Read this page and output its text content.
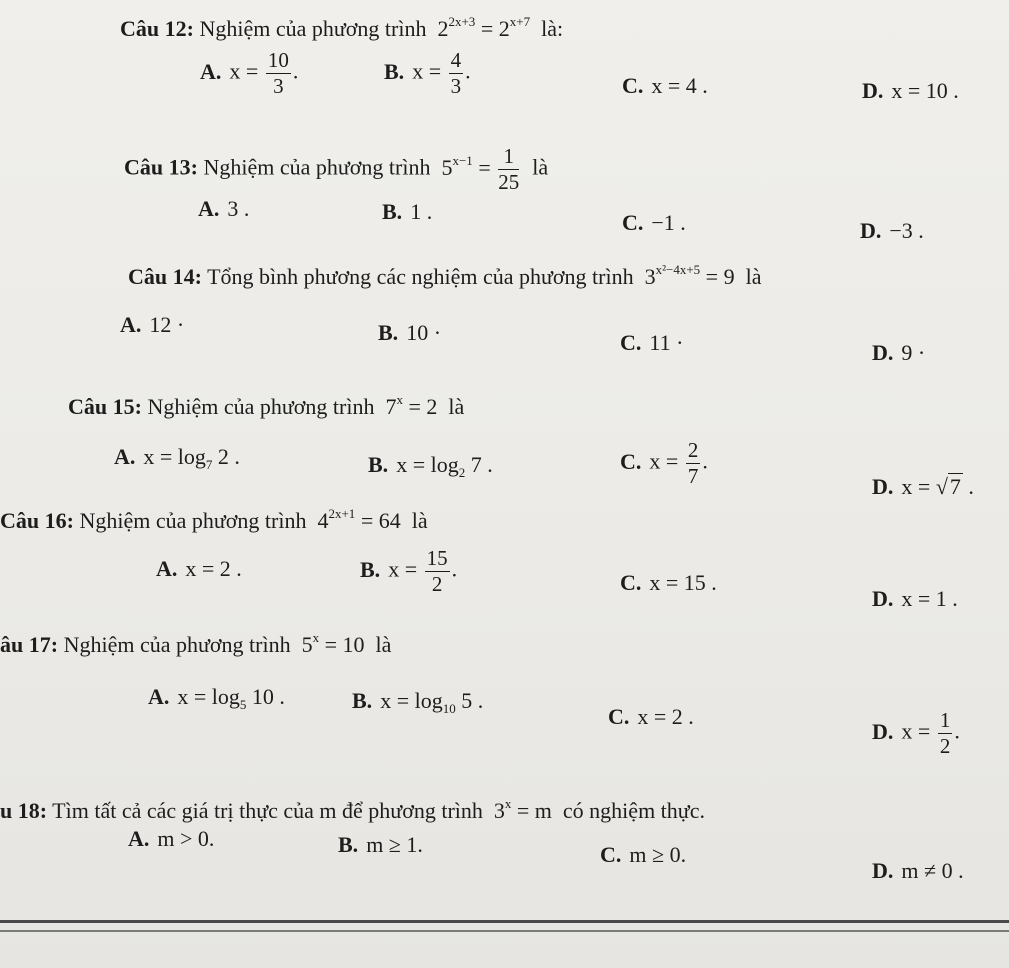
Câu 12: Nghiệm của phương trình $2^{2x+3} = 2^{x+7}$ là:
A. $x = \frac{10}{3}$ .	B. $x = \frac{4}{3}$ .
C. x = 4 .	D. x = 10 .
Câu 13: Nghiệm của phương trình $5^{x-1} = \frac{1}{25}$ là
A. 3 .	B. 1 .	C. −1 .	D. −3 .
Câu 14: Tổng bình phương các nghiệm của phương trình $3^{x^2-4x+5} = 9$ là
A. 12 ·	B. 10 ·	C. 11 ·	D. 9 ·
Câu 15: Nghiệm của phương trình $7^x = 2$ là
A. $x = \log_7 2$ .	B. $x = \log_2 7$ .	C. $x = \frac{2}{7}$ .
D. x = √7 .
Câu 16: Nghiệm của phương trình $4^{2x+1} = 64$ là
A. x = 2 .	B. $x = \frac{15}{2}$ .
C. x = 15 .
D. x = 1 .
âu 17: Nghiệm của phương trình $5^x = 10$ là
A. $x = \log_5 10$ .	B. $x = \log_{10} 5$ .
C. x = 2 .
D. $x = \frac{1}{2}$ .
u 18: Tìm tất cả các giá trị thực của m để phương trình $3^x = m$ có nghiệm thực.
A. m > 0.	B. m ≥ 1.	C. m ≥ 0.
D. m ≠ 0 .
